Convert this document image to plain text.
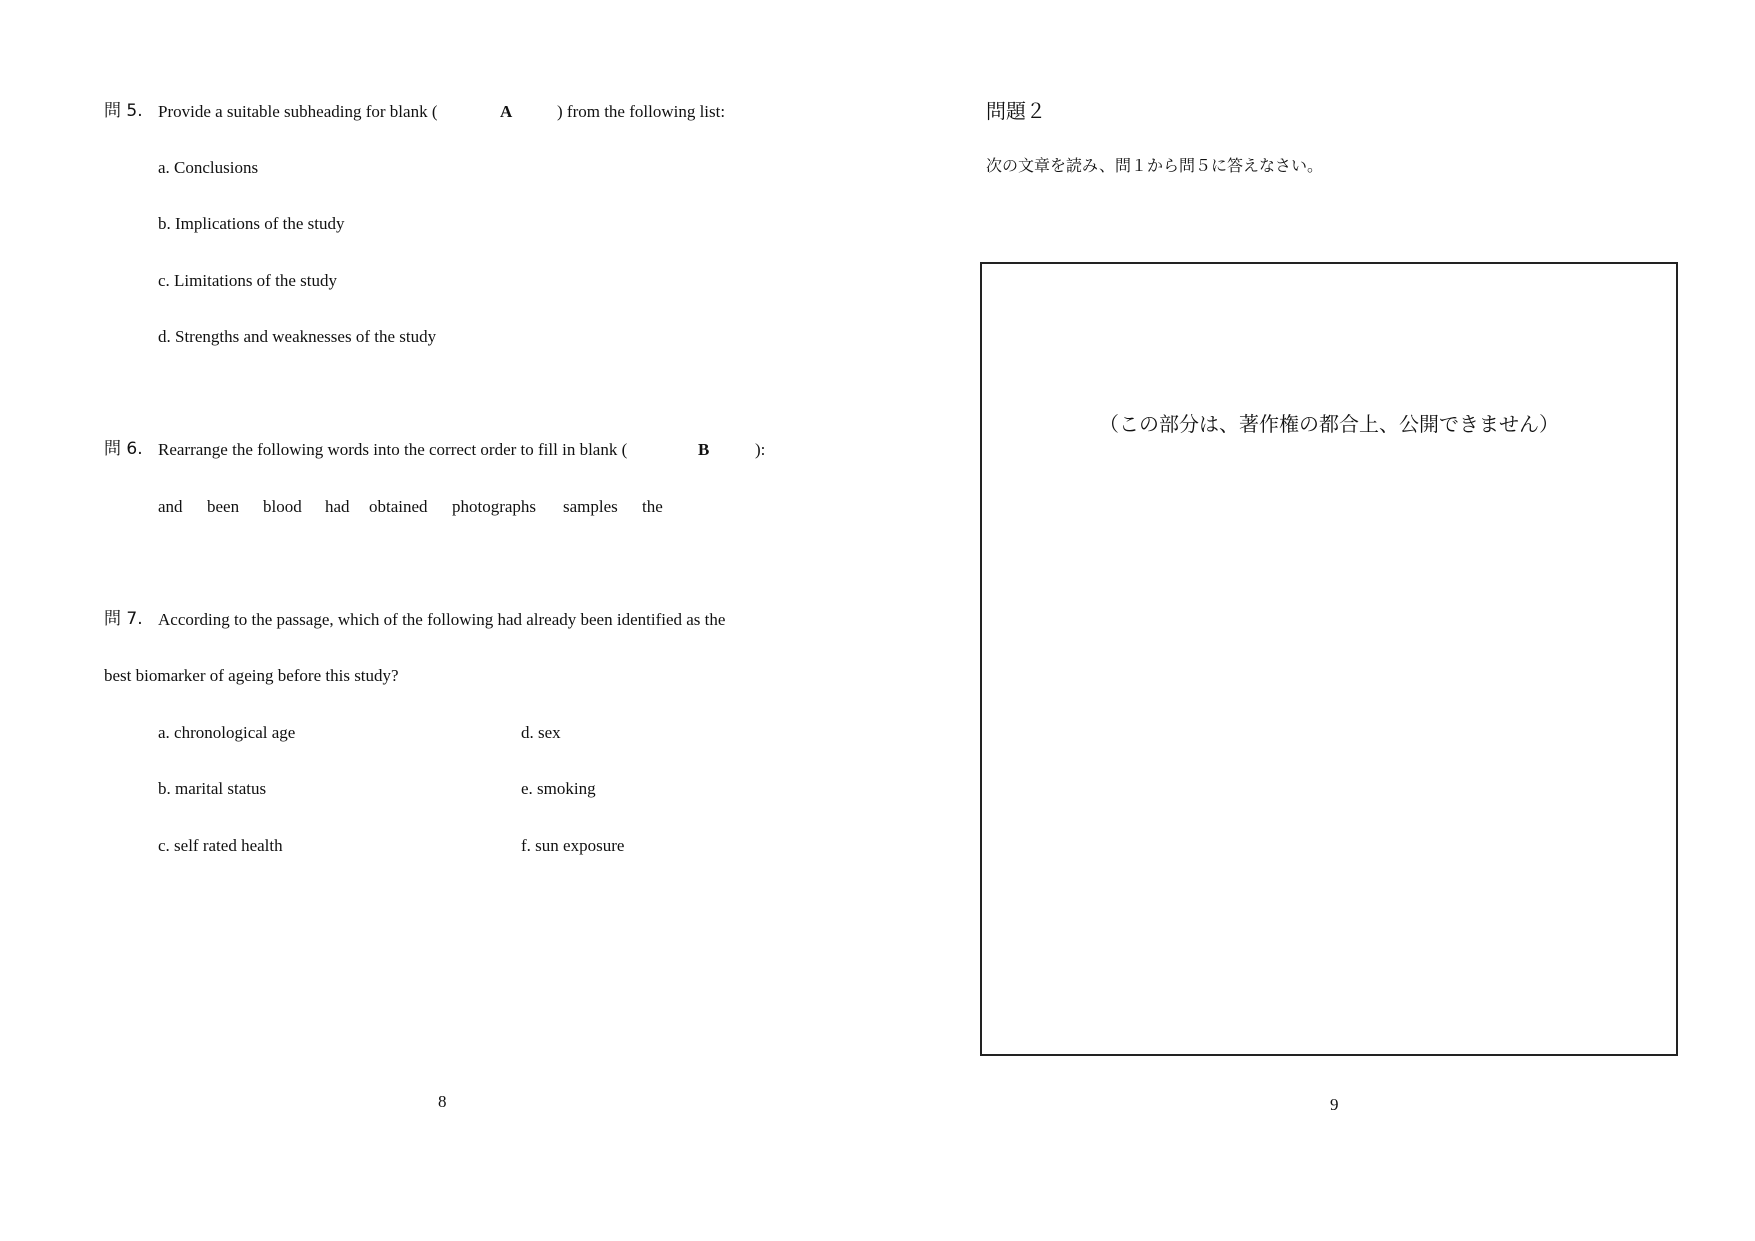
問 5. Provide a suitable subheading for blank (	A	) from the following list:
a. Conclusions
b. Implications of the study
c. Limitations of the study
d. Strengths and weaknesses of the study
問 6. Rearrange the following words into the correct order to fill in blank (	B	):
and been blood had obtained photographs samples the
問 7. According to the passage, which of the following had already been identified as the
best biomarker of ageing before this study?
a. chronological age
b. marital status
c. self rated health
d. sex
e. smoking
f. sun exposure
8
問題２
次の文章を読み、問１から問５に答えなさい。
（この部分は、著作権の都合上、公開できません）
9
